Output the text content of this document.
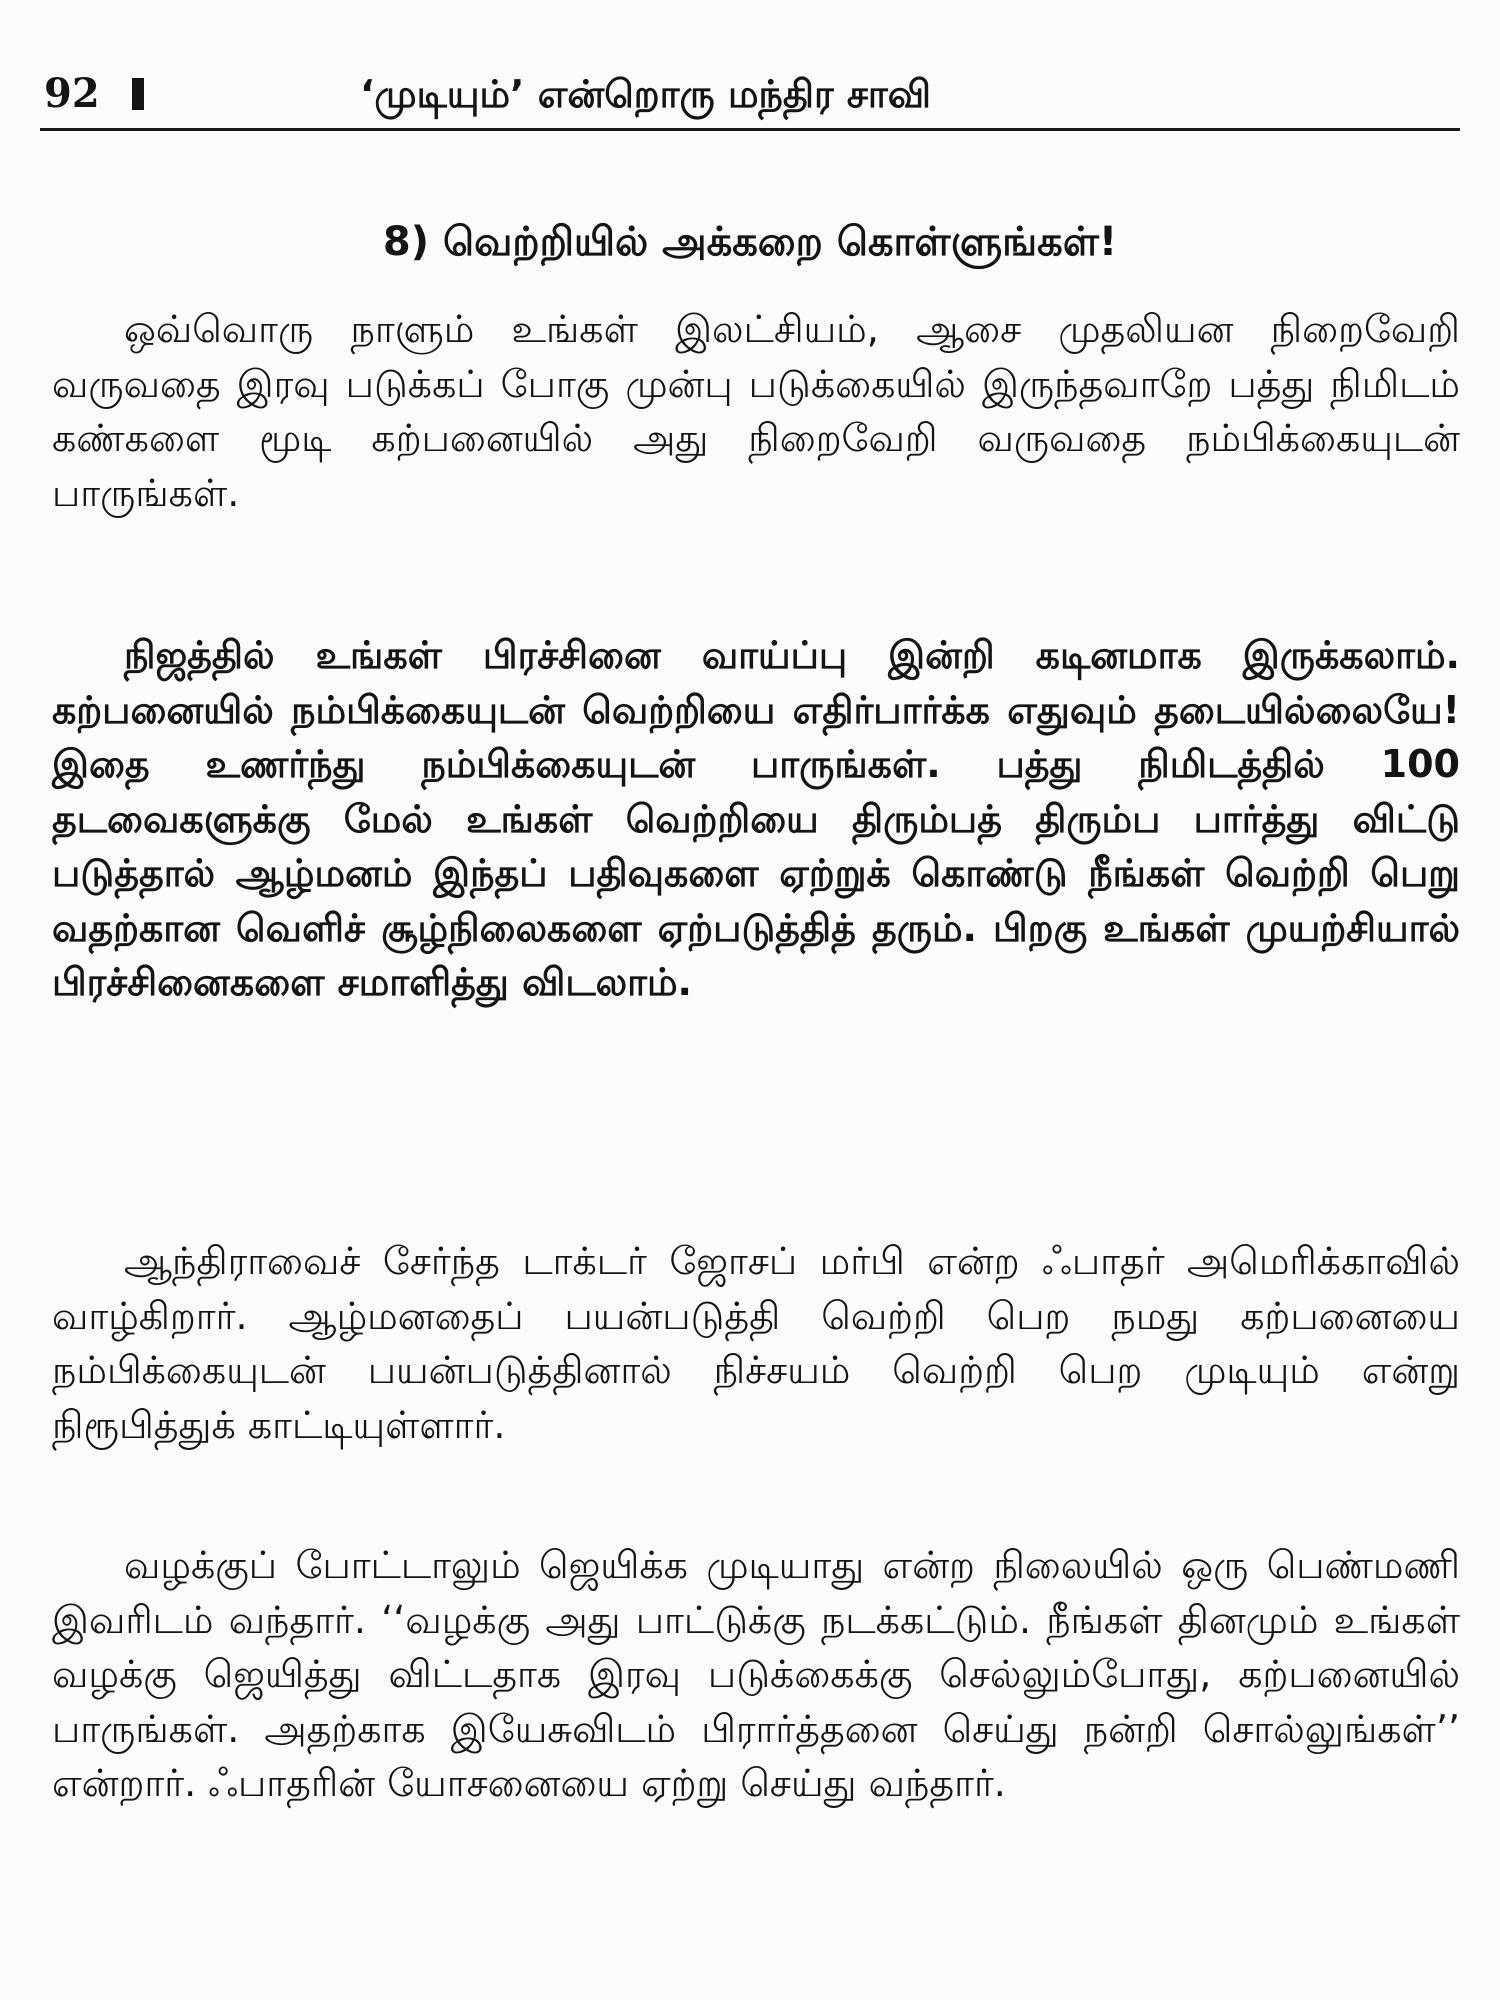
92	‘முடியும்’ என்றொரு மந்திர சாவி
8) வெற்றியில் அக்கறை கொள்ளுங்கள்!

ஒவ்வொரு நாளும் உங்கள் இலட்சியம், ஆசை முதலியன நிறைவேறி வருவதை இரவு படுக்கப் போகு முன்பு படுக்கையில் இருந்தவாறே பத்து நிமிடம் கண்களை மூடி கற்பனையில் அது நிறைவேறி வருவதை நம்பிக்கையுடன் பாருங்கள்.

நிஜத்தில் உங்கள் பிரச்சினை வாய்ப்பு இன்றி கடினமாக இருக்கலாம். கற்பனையில் நம்பிக்கையுடன் வெற்றியை எதிர்பார்க்க எதுவும் தடையில்லையே! இதை உணர்ந்து நம்பிக்கையுடன் பாருங்கள். பத்து நிமிடத்தில் 100 தடவைகளுக்கு மேல் உங்கள் வெற்றியை திரும்பத் திரும்ப பார்த்து விட்டு படுத்தால் ஆழ்மனம் இந்தப் பதிவுகளை ஏற்றுக் கொண்டு நீங்கள் வெற்றி பெறு வதற்கான வெளிச் சூழ்நிலைகளை ஏற்படுத்தித் தரும். பிறகு உங்கள் முயற்சியால் பிரச்சினைகளை சமாளித்து விடலாம்.

ஆந்திராவைச் சேர்ந்த டாக்டர் ஜோசப் மர்பி என்ற ஃபாதர் அமெரிக்காவில் வாழ்கிறார். ஆழ்மனதைப் பயன்படுத்தி வெற்றி பெற நமது கற்பனையை நம்பிக்கையுடன் பயன்படுத்தினால் நிச்சயம் வெற்றி பெற முடியும் என்று நிரூபித்துக் காட்டியுள்ளார்.

வழக்குப் போட்டாலும் ஜெயிக்க முடியாது என்ற நிலையில் ஒரு பெண்மணி இவரிடம் வந்தார். ‘‘வழக்கு அது பாட்டுக்கு நடக்கட்டும். நீங்கள் தினமும் உங்கள் வழக்கு ஜெயித்து விட்டதாக இரவு படுக்கைக்கு செல்லும்போது, கற்பனையில் பாருங்கள். அதற்காக இயேசுவிடம் பிரார்த்தனை செய்து நன்றி சொல்லுங்கள்’’ என்றார். ஃபாதரின் யோசனையை ஏற்று செய்து வந்தார்.
